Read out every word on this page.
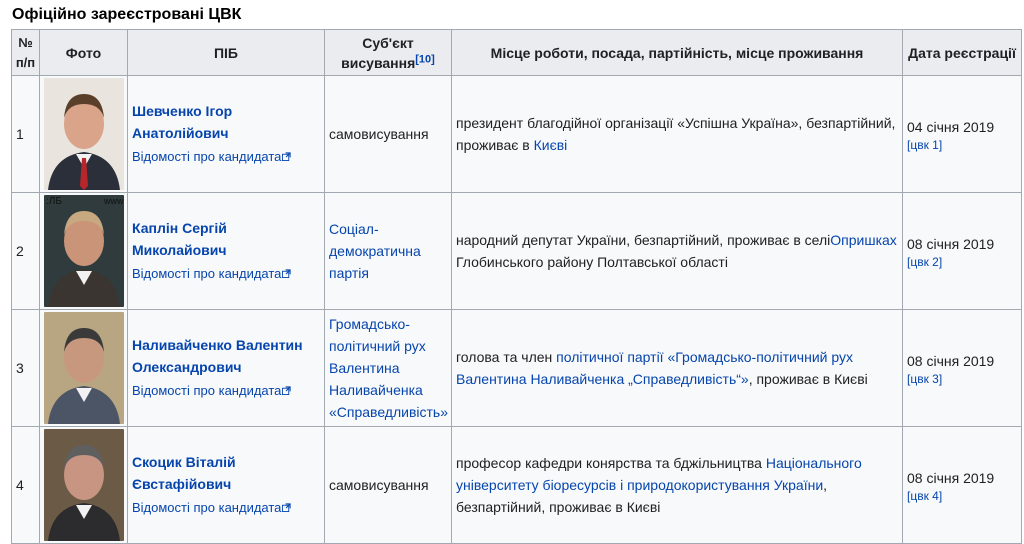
Офіційно зареєстровані ЦВК
№
п/п	Фото	ПІБ	Суб'єкт
висування[10]	Місце роботи, посада, партійність, місце проживання	Дата реєстрації
1		Шевченко Ігор
Анатолійович
Відомості про кандидата	самовисування	президент благодійної організації «Успішна Україна», безпартійний, проживає в Києві	04 січня 2019
[цвк 1]

2	:ЛБ www	Каплін Сергій
Миколайович
Відомості про кандидата	Соціал-
демократична
партія	народний депутат України, безпартійний, проживає в селіОпришках Глобинського району Полтавської області	08 січня 2019
[цвк 2]

3		Наливайченко Валентин
Олександрович
Відомості про кандидата	Громадсько-
політичний рух
Валентина
Наливайченка
«Справедливість»	голова та член політичної партії «Громадсько-політичний рух Валентина Наливайченка „Справедливість“», проживає в Києві	08 січня 2019
[цвк 3]

4		Скоцик Віталій
Євстафійович
Відомості про кандидата	самовисування	професор кафедри конярства та бджільництва Національного університету біоресурсів і природокористування України, безпартійний, проживає в Києві	08 січня 2019
[цвк 4]
